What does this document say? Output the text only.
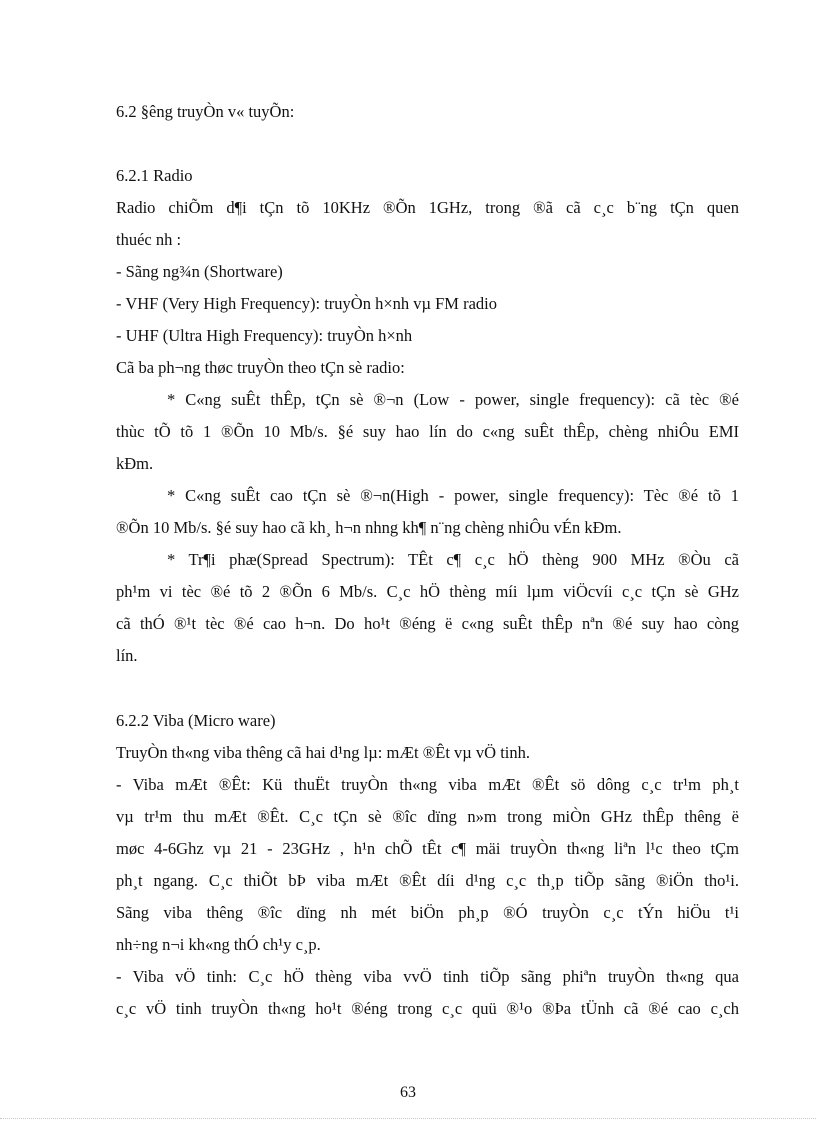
6.2 §êng truyÒn v« tuyÕn:
6.2.1 Radio
Radio chiÕm d¶i tÇn tõ 10KHz ®Õn 1GHz, trong ®ã cã c¸c b¨ng tÇn quen
thuéc nh :
- Sãng ng¾n (Shortware)
- VHF (Very High Frequency): truyÒn h×nh vµ FM radio
- UHF (Ultra High Frequency): truyÒn h×nh
Cã ba ph¬ng thøc truyÒn theo tÇn sè radio:
* C«ng suÊt thÊp, tÇn sè ®¬n (Low - power, single frequency): cã tèc ®é
thùc tÕ tõ 1 ®Õn 10 Mb/s. §é suy hao lín do c«ng suÊt thÊp, chèng nhiÔu EMI
kÐm.
* C«ng suÊt cao tÇn sè ®¬n(High - power, single frequency): Tèc ®é tõ 1
®Õn 10 Mb/s. §é suy hao cã kh¸ h¬n nhng kh¶ n¨ng chèng nhiÔu vÉn kÐm.
* Tr¶i phæ(Spread Spectrum): TÊt c¶ c¸c hÖ thèng 900 MHz ®Òu cã
ph¹m vi tèc ®é tõ 2 ®Õn 6 Mb/s. C¸c hÖ thèng míi lµm viÖcvíi c¸c tÇn sè GHz
cã thÓ ®¹t tèc ®é cao h¬n. Do ho¹t ®éng ë c«ng suÊt thÊp nªn ®é suy hao còng
lín.
6.2.2 Viba (Micro ware)
TruyÒn th«ng viba thêng cã hai d¹ng lµ: mÆt ®Êt vµ vÖ tinh.
- Viba mÆt ®Êt: Kü thuËt truyÒn th«ng viba mÆt ®Êt sö dông c¸c tr¹m ph¸t
vµ tr¹m thu mÆt ®Êt. C¸c tÇn sè ®îc dïng n»m trong miÒn GHz thÊp thêng ë
møc 4-6Ghz vµ 21 - 23GHz , h¹n chÕ tÊt c¶ mäi truyÒn th«ng liªn l¹c theo tÇm
ph¸t ngang. C¸c thiÕt bÞ viba mÆt ®Êt díi d¹ng c¸c th¸p tiÕp sãng ®iÖn tho¹i.
Sãng viba thêng ®îc dïng nh mét biÖn ph¸p ®Ó truyÒn c¸c tÝn hiÖu t¹i
nh÷ng n¬i kh«ng thÓ ch¹y c¸p.
- Viba vÖ tinh: C¸c hÖ thèng viba vvÖ tinh tiÕp sãng phiªn truyÒn th«ng qua
c¸c vÖ tinh truyÒn th«ng ho¹t ®éng trong c¸c quü ®¹o ®Þa tÜnh cã ®é cao c¸ch
63
